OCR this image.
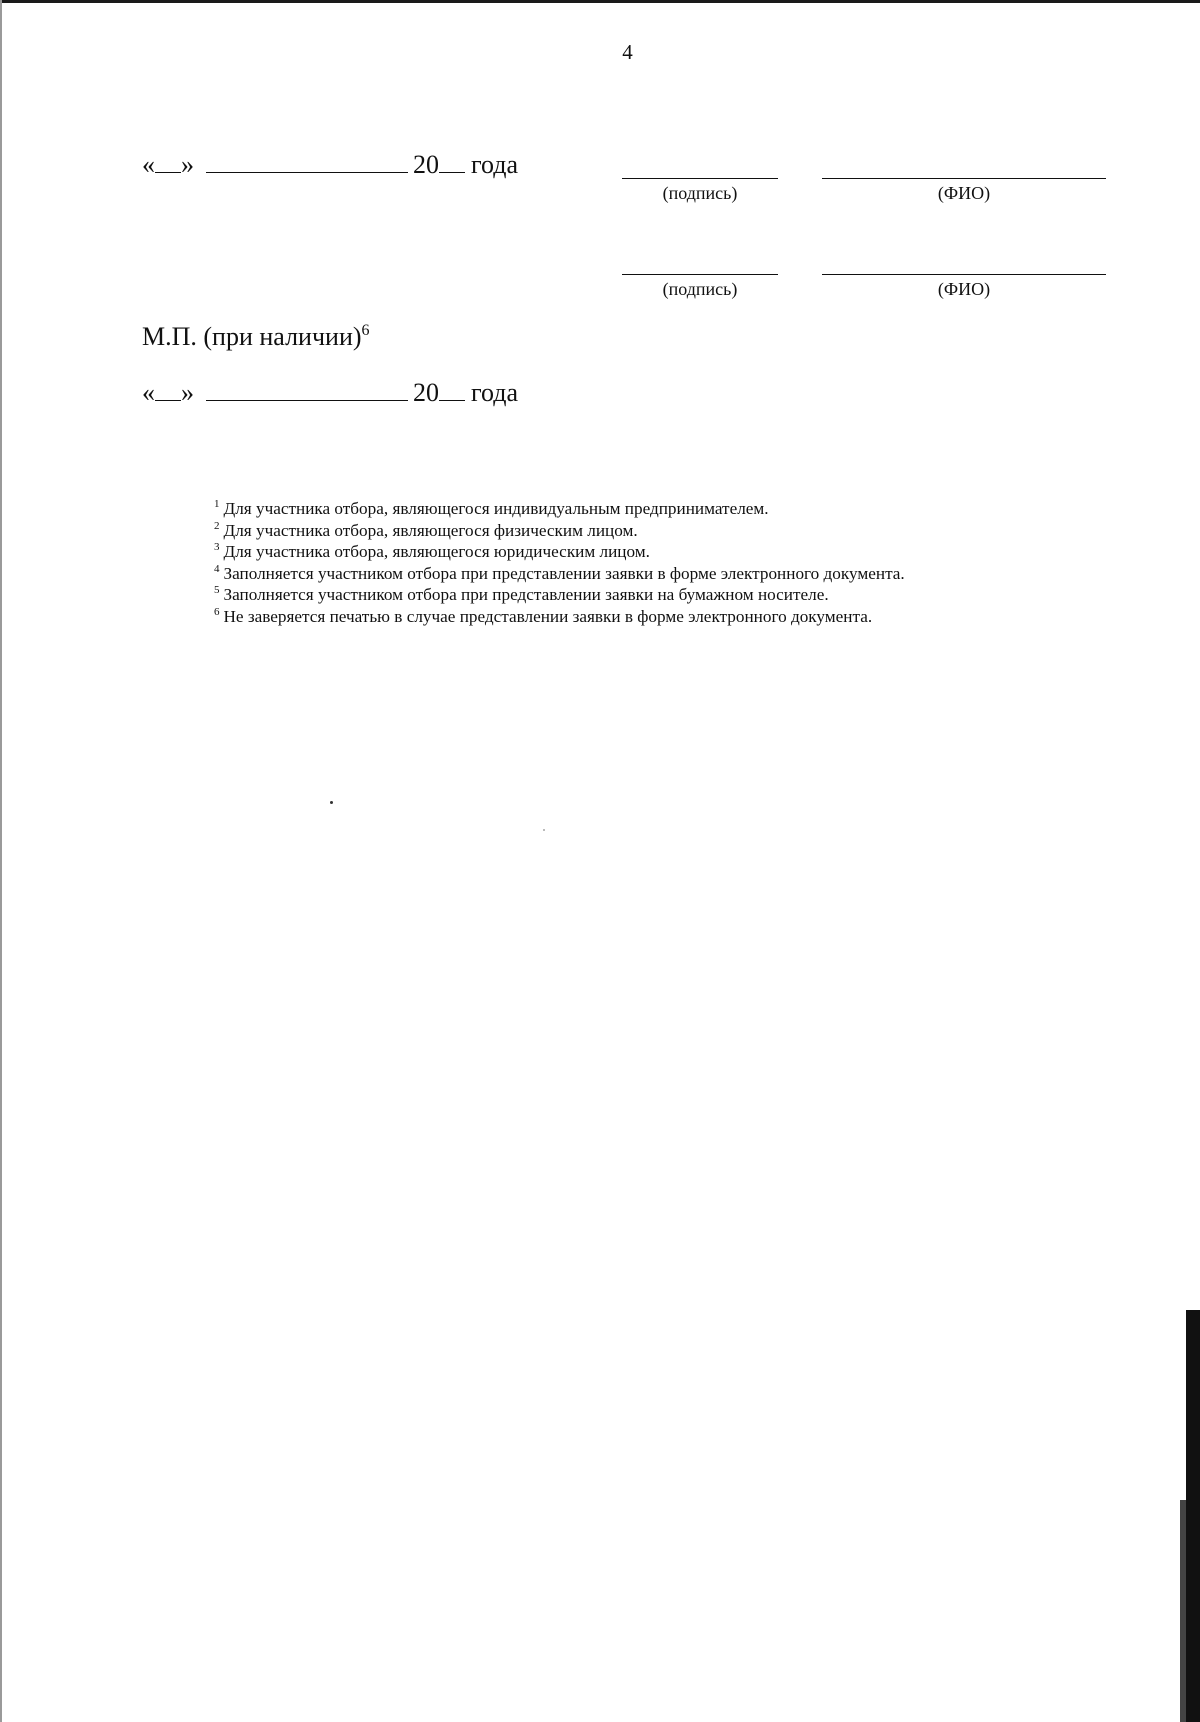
4
« »	20 года
(подпись)	(ФИО)
(подпись)	(ФИО)
М.П. (при наличии)$^6$
« »	20 года
$^1$ Для участника отбора, являющегося индивидуальным предпринимателем.
$^2$ Для участника отбора, являющегося физическим лицом.
$^3$ Для участника отбора, являющегося юридическим лицом.
$^4$ Заполняется участником отбора при представлении заявки в форме электронного документа.
$^5$ Заполняется участником отбора при представлении заявки на бумажном носителе.
$^6$ Не заверяется печатью в случае представлении заявки в форме электронного документа.
